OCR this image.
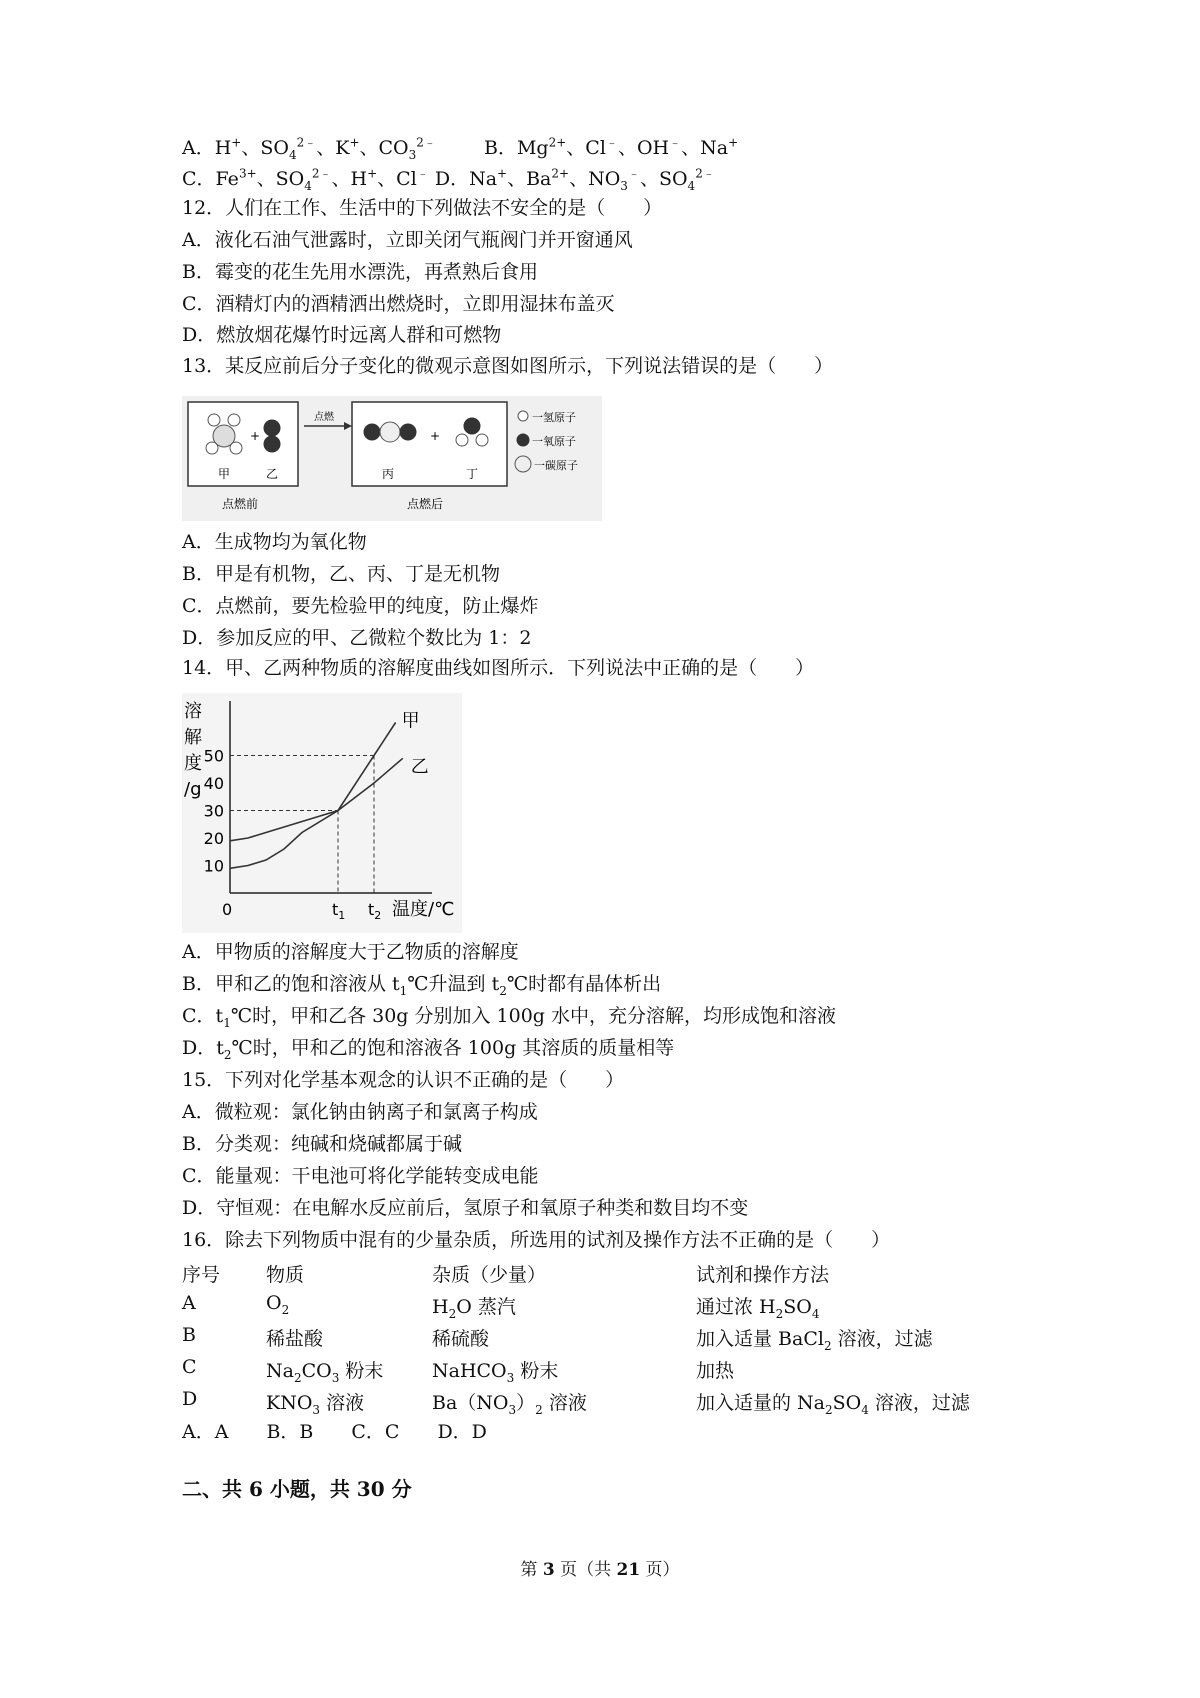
A．H+、$SO_4^{2﹣}$、K+、$CO_3^{2﹣}$	B．$Mg^{2+}$、Cl﹣、OH﹣、Na+
C．$Fe^{3+}$、$SO_4^{2﹣}$、H+、Cl﹣ D．Na+、$Ba^{2+}$、$NO_3^﹣$、$SO_4^{2﹣}$
12．人们在工作、生活中的下列做法不安全的是（　　）
A．液化石油气泄露时，立即关闭气瓶阀门并开窗通风
B．霉变的花生先用水漂洗，再煮熟后食用
C．酒精灯内的酒精洒出燃烧时，立即用湿抹布盖灭
D．燃放烟花爆竹时远离人群和可燃物
13．某反应前后分子变化的微观示意图如图所示，下列说法错误的是（　　）
+
甲	乙
点燃
+
丙	丁
一氢原子
一氧原子
一碳原子
点燃前	点燃后
A．生成物均为氧化物
B．甲是有机物，乙、丙、丁是无机物
C．点燃前，要先检验甲的纯度，防止爆炸
D．参加反应的甲、乙微粒个数比为 1：2
14．甲、乙两种物质的溶解度曲线如图所示．下列说法中正确的是（　　）
溶
解
度
/g
10
20
30
40
50
0	$t_1$ $t_2$ 温度/℃
甲
乙
A．甲物质的溶解度大于乙物质的溶解度
B．甲和乙的饱和溶液从 $t_1℃$升温到 $t_2℃$时都有晶体析出
C．$t_1℃$时，甲和乙各 30g 分别加入 100g 水中，充分溶解，均形成饱和溶液
D．$t_2℃$时，甲和乙的饱和溶液各 100g 其溶质的质量相等
15．下列对化学基本观念的认识不正确的是（　　）
A．微粒观：氯化钠由钠离子和氯离子构成
B．分类观：纯碱和烧碱都属于碱
C．能量观：干电池可将化学能转变成电能
D．守恒观：在电解水反应前后，氢原子和氧原子种类和数目均不变
16．除去下列物质中混有的少量杂质，所选用的试剂及操作方法不正确的是（　　）
序号 物质	杂质（少量）	试剂和操作方法
A	$O_2$	$H_2O$ 蒸汽	通过浓 $H_2SO_4$
B	稀盐酸	稀硫酸	加入适量 BaCl$_2$ 溶液，过滤
C	$Na_2CO_3$ 粉末	NaHCO$_3$ 粉末	加热
D	$KNO_3$ 溶液	$Ba(NO_3)_2$ 溶液	加入适量的 $Na_2SO_4$ 溶液，过滤
A．A　　B．B　　C．C　　D．D
二、共 6 小题，共 30 分
第 3 页（共 21 页）
